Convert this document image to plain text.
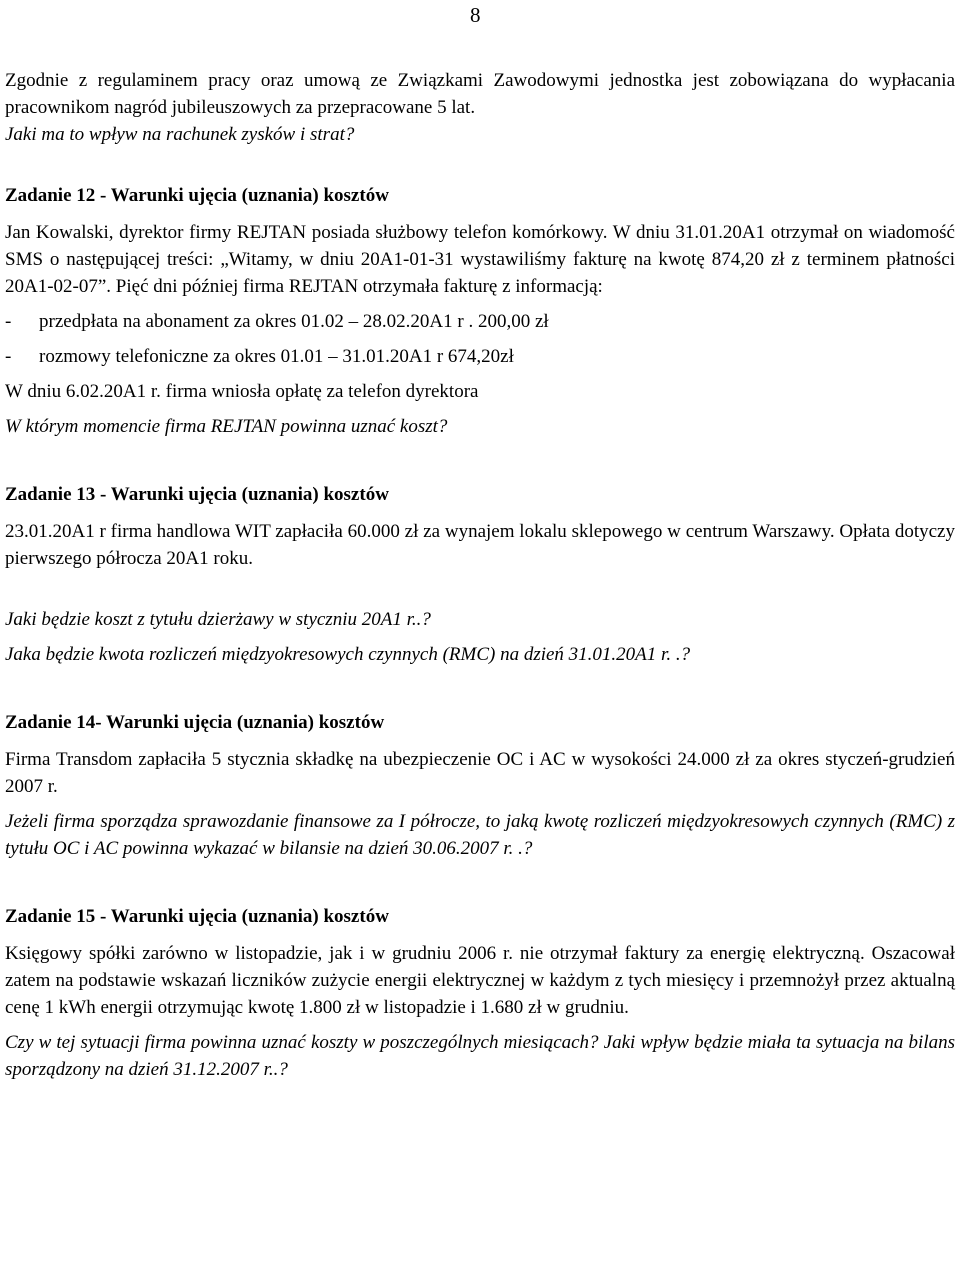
8

Zgodnie z regulaminem pracy oraz umową ze Związkami Zawodowymi jednostka jest zobowiązana do wypłacania pracownikom nagród jubileuszowych za przepracowane 5 lat.

Jaki ma to wpływ na rachunek zysków i strat?

Zadanie 12 - Warunki ujęcia (uznania) kosztów

Jan Kowalski, dyrektor firmy REJTAN posiada służbowy telefon komórkowy. W dniu 31.01.20A1 otrzymał on wiadomość SMS o następującej treści: „Witamy, w dniu 20A1-01-31 wystawiliśmy fakturę na kwotę 874,20 zł z terminem płatności 20A1-02-07”. Pięć dni później firma REJTAN otrzymała fakturę z informacją:

-	przedpłata na abonament za okres 01.02 – 28.02.20A1 r . 200,00 zł
-	rozmowy telefoniczne za okres 01.01 – 31.01.20A1 r 674,20zł

W dniu 6.02.20A1 r. firma wniosła opłatę za telefon dyrektora

W którym momencie firma REJTAN powinna uznać koszt?

Zadanie 13 - Warunki ujęcia (uznania) kosztów

23.01.20A1 r firma handlowa WIT zapłaciła 60.000 zł za wynajem lokalu sklepowego w centrum Warszawy. Opłata dotyczy pierwszego półrocza 20A1 roku.

Jaki będzie koszt z tytułu dzierżawy w styczniu 20A1 r..?

Jaka będzie kwota rozliczeń międzyokresowych czynnych (RMC) na dzień 31.01.20A1 r. .?

Zadanie 14- Warunki ujęcia (uznania) kosztów

Firma Transdom zapłaciła 5 stycznia składkę na ubezpieczenie OC i AC w wysokości 24.000 zł za okres styczeń-grudzień 2007 r.

Jeżeli firma sporządza sprawozdanie finansowe za I półrocze, to jaką kwotę rozliczeń międzyokresowych czynnych (RMC) z tytułu OC i AC powinna wykazać w bilansie na dzień 30.06.2007 r. .?

Zadanie 15 - Warunki ujęcia (uznania) kosztów

Księgowy spółki zarówno w listopadzie, jak i w grudniu 2006 r. nie otrzymał faktury za energię elektryczną. Oszacował zatem na podstawie wskazań liczników zużycie energii elektrycznej w każdym z tych miesięcy i przemnożył przez aktualną cenę 1 kWh energii otrzymując kwotę 1.800 zł w listopadzie i 1.680 zł w grudniu.

Czy w tej sytuacji firma powinna uznać koszty w poszczególnych miesiącach? Jaki wpływ będzie miała ta sytuacja na bilans sporządzony na dzień 31.12.2007 r..?
